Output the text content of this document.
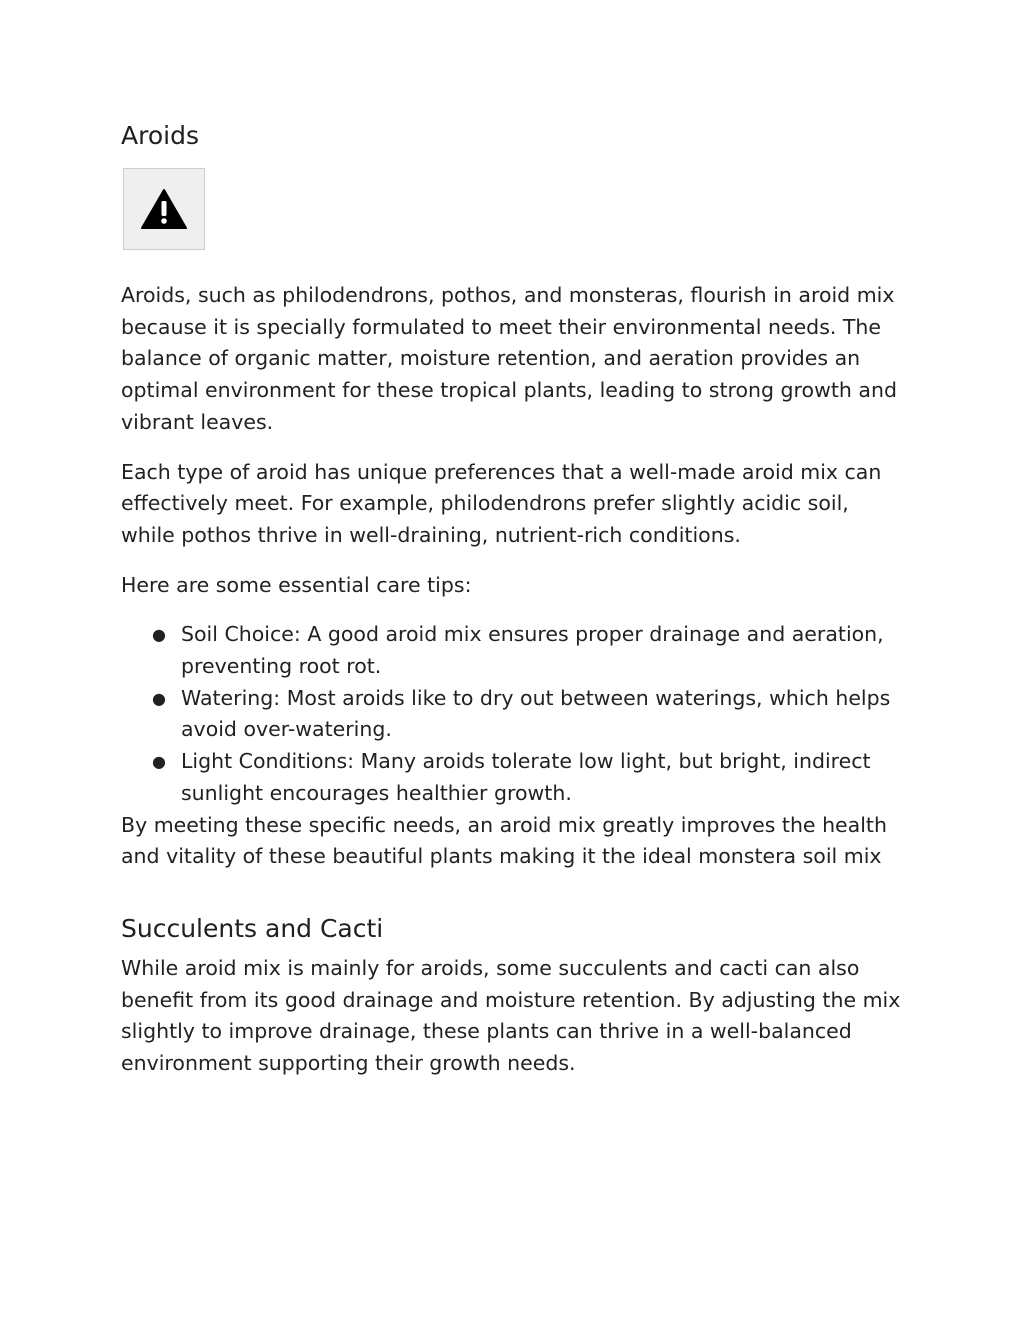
Aroids

Aroids, such as philodendrons, pothos, and monsteras, flourish in aroid mix because it is specially formulated to meet their environmental needs. The balance of organic matter, moisture retention, and aeration provides an optimal environment for these tropical plants, leading to strong growth and vibrant leaves.

Each type of aroid has unique preferences that a well-made aroid mix can effectively meet. For example, philodendrons prefer slightly acidic soil, while pothos thrive in well-draining, nutrient-rich conditions.

Here are some essential care tips:

● Soil Choice: A good aroid mix ensures proper drainage and aeration, preventing root rot.
● Watering: Most aroids like to dry out between waterings, which helps avoid over-watering.
● Light Conditions: Many aroids tolerate low light, but bright, indirect sunlight encourages healthier growth.

By meeting these specific needs, an aroid mix greatly improves the health and vitality of these beautiful plants making it the ideal monstera soil mix

Succulents and Cacti

While aroid mix is mainly for aroids, some succulents and cacti can also benefit from its good drainage and moisture retention. By adjusting the mix slightly to improve drainage, these plants can thrive in a well-balanced environment supporting their growth needs.
